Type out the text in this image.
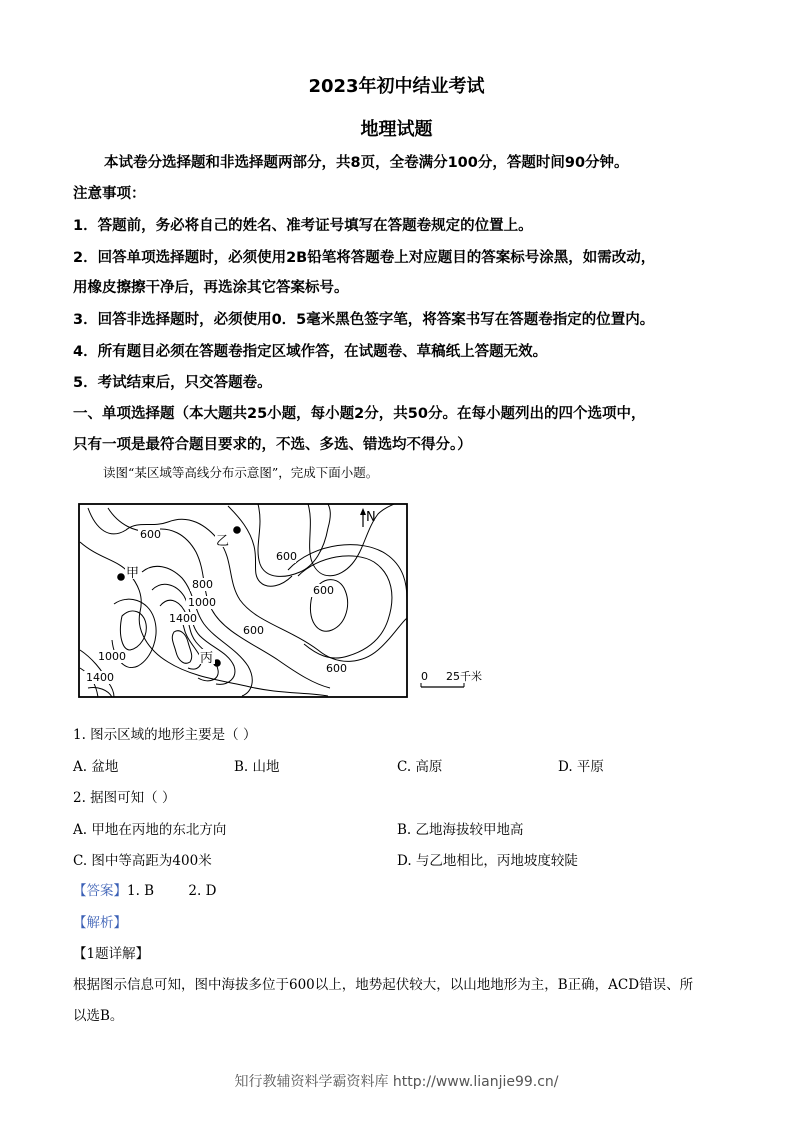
2023年初中结业考试
地理试题
本试卷分选择题和非选择题两部分，共8页，全卷满分100分，答题时间90分钟。
注意事项：
1．答题前，务必将自己的姓名、准考证号填写在答题卷规定的位置上。
2．回答单项选择题时，必须使用2B铅笔将答题卷上对应题目的答案标号涂黑，如需改动，
用橡皮擦擦干净后，再选涂其它答案标号。
3．回答非选择题时，必须使用0．5毫米黑色签字笔，将答案书写在答题卷指定的位置内。
4．所有题目必须在答题卷指定区域作答，在试题卷、草稿纸上答题无效。
5．考试结束后，只交答题卷。
一、单项选择题（本大题共25小题，每小题2分，共50分。在每小题列出的四个选项中，
只有一项是最符合题目要求的，不选、多选、错选均不得分。）
读图“某区域等高线分布示意图”，完成下面小题。
600
600
600
600
600
800
1000
1400
1000
1400
乙
甲
丙
N
0 25千米
1. 图示区域的地形主要是（ ）
A. 盆地	B. 山地	C. 高原	D. 平原
2. 据图可知（ ）
A. 甲地在丙地的东北方向	B. 乙地海拔较甲地高
C. 图中等高距为400米	D. 与乙地相比，丙地坡度较陡
【答案】1. B        2. D
【解析】
【1题详解】
根据图示信息可知，图中海拔多位于600以上，地势起伏较大，以山地地形为主，B正确，ACD错误、所
以选B。
知行教辅资料学霸资料库 http://www.lianjie99.cn/
